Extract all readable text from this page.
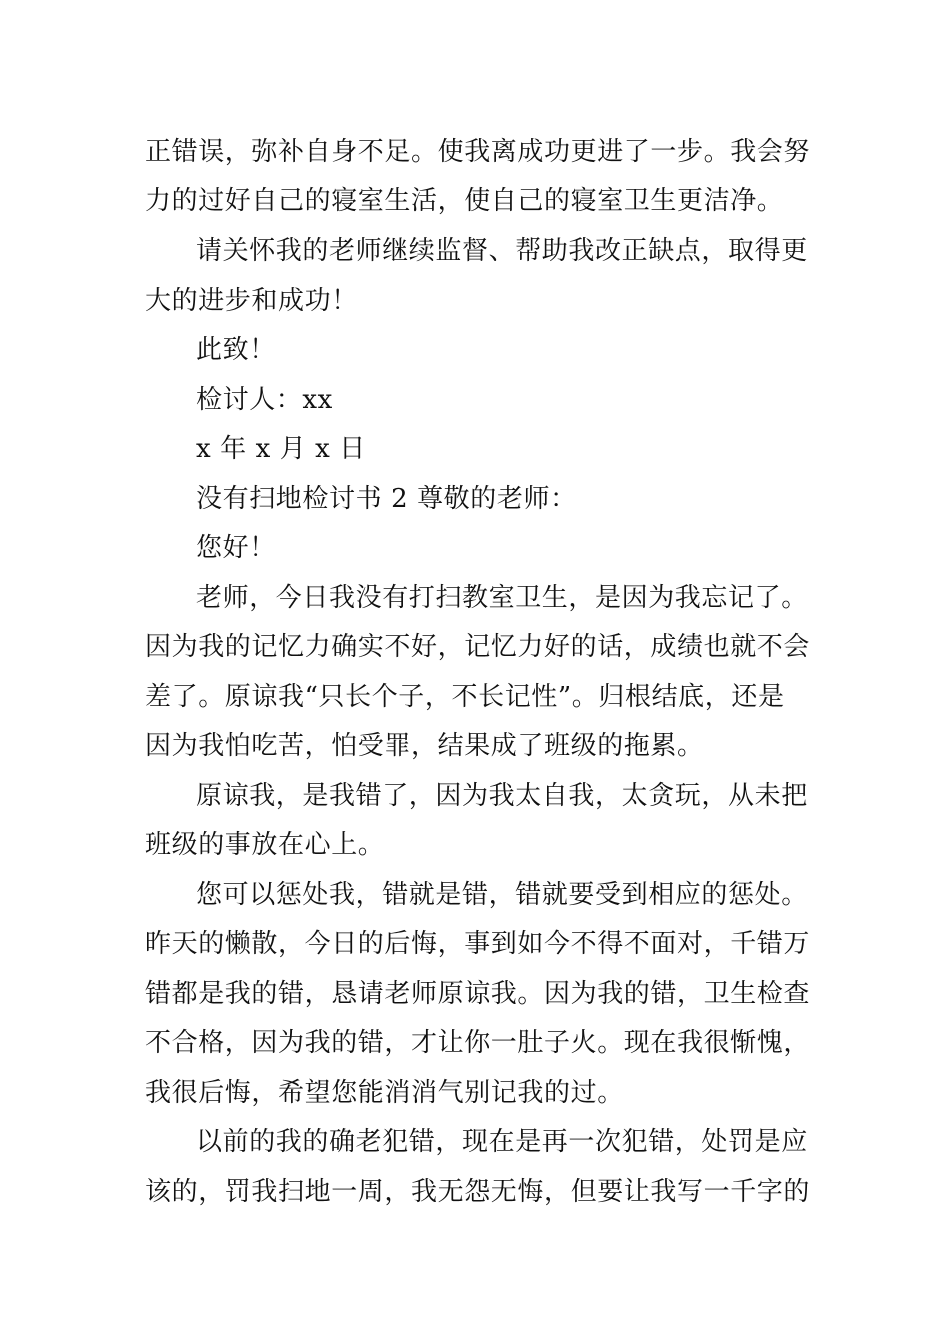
正错误，弥补自身不足。使我离成功更进了一步。我会努
力的过好自己的寝室生活，使自己的寝室卫生更洁净。
请关怀我的老师继续监督、帮助我改正缺点，取得更
大的进步和成功！
此致！
检讨人：xx
x 年 x 月 x 日
没有扫地检讨书 2 尊敬的老师：
您好！
老师，今日我没有打扫教室卫生，是因为我忘记了。
因为我的记忆力确实不好，记忆力好的话，成绩也就不会
差了。原谅我“只长个子，不长记性”。归根结底，还是
因为我怕吃苦，怕受罪，结果成了班级的拖累。
原谅我，是我错了，因为我太自我，太贪玩，从未把
班级的事放在心上。
您可以惩处我，错就是错，错就要受到相应的惩处。
昨天的懒散，今日的后悔，事到如今不得不面对，千错万
错都是我的错，恳请老师原谅我。因为我的错，卫生检查
不合格，因为我的错，才让你一肚子火。现在我很惭愧，
我很后悔，希望您能消消气别记我的过。
以前的我的确老犯错，现在是再一次犯错，处罚是应
该的，罚我扫地一周，我无怨无悔，但要让我写一千字的
